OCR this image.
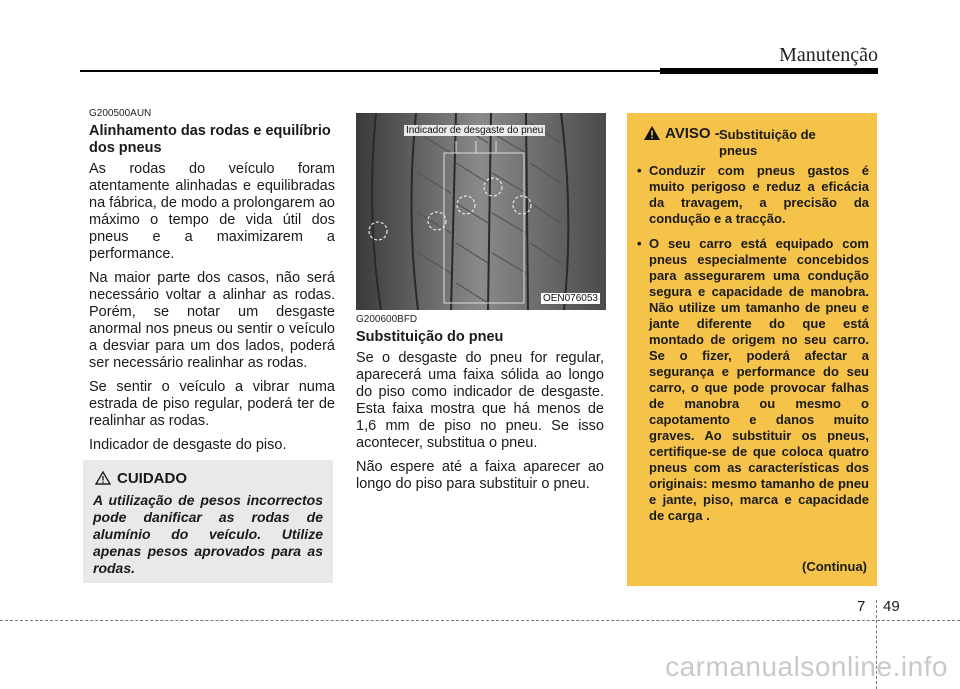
Manutenção
G200500AUN
Alinhamento das rodas e equilíbrio dos pneus

As rodas do veículo foram atentamente alinhadas e equilibradas na fábrica, de modo a prolongarem ao máximo o tempo de vida útil dos pneus e a maximizarem a performance.

Na maior parte dos casos, não será necessário voltar a alinhar as rodas. Porém, se notar um desgaste anormal nos pneus ou sentir o veículo a desviar para um dos lados, poderá ser necessário realinhar as rodas.

Se sentir o veículo a vibrar numa estrada de piso regular, poderá ter de realinhar as rodas.

Indicador de desgaste do piso.

CUIDADO
A utilização de pesos incorrectos pode danificar as rodas de alumínio do veículo. Utilize apenas pesos aprovados para as rodas.
Indicador de desgaste do pneu
OEN076053
G200600BFD
Substituição do pneu

Se o desgaste do pneu for regular, aparecerá uma faixa sólida ao longo do piso como indicador de desgaste. Esta faixa mostra que há menos de 1,6 mm de piso no pneu. Se isso acontecer, substitua o pneu.

Não espere até a faixa aparecer ao longo do piso para substituir o pneu.

AVISO - Substituição de pneus
• Conduzir com pneus gastos é muito perigoso e reduz a eficácia da travagem, a precisão da condução e a tracção.
• O seu carro está equipado com pneus especialmente concebidos para assegurarem uma condução segura e capacidade de manobra. Não utilize um tamanho de pneu e jante diferente do que está montado de origem no seu carro. Se o fizer, poderá afectar a segurança e performance do seu carro, o que pode provocar falhas de manobra ou mesmo o capotamento e danos muito graves. Ao substituir os pneus, certifique-se de que coloca quatro pneus com as características dos originais: mesmo tamanho de pneu e jante, piso, marca e capacidade de carga .
(Continua)
7 49
carmanualsonline.info
